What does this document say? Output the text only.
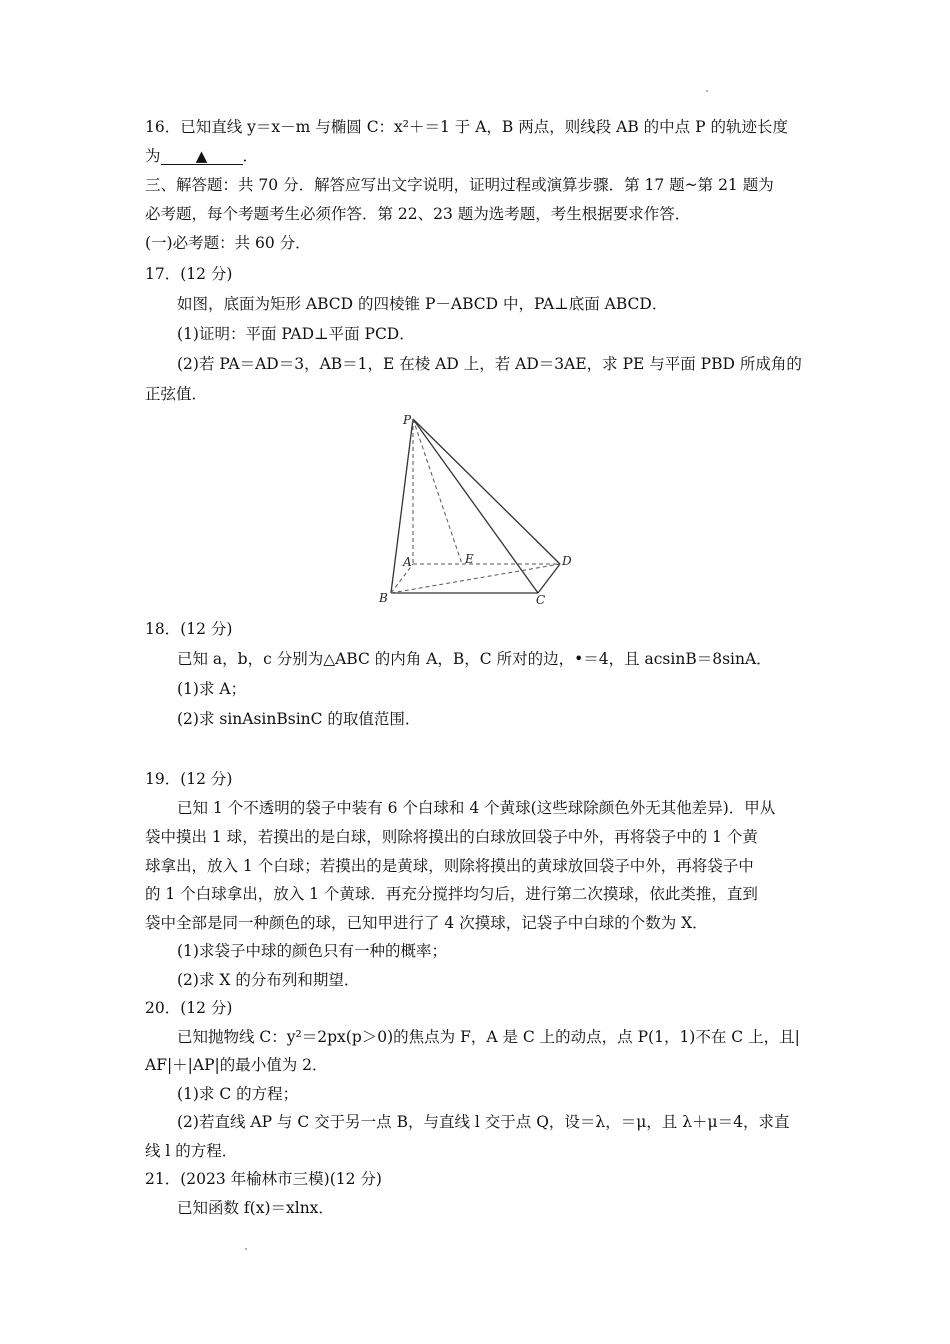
16．已知直线 y＝x－m 与椭圆 C：x²＋＝1 于 A，B 两点，则线段 AB 的中点 P 的轨迹长度
为 ▲ ．
三、解答题：共 70 分．解答应写出文字说明，证明过程或演算步骤．第 17 题~第 21 题为
必考题，每个考题考生必须作答．第 22、23 题为选考题，考生根据要求作答．
(一)必考题：共 60 分．
17．(12 分)
如图，底面为矩形 ABCD 的四棱锥 P－ABCD 中，PA⊥底面 ABCD．
(1)证明：平面 PAD⊥平面 PCD．
(2)若 PA＝AD＝3，AB＝1，E 在棱 AD 上，若 AD＝3AE，求 PE 与平面 PBD 所成角的
正弦值．
P
A	E	D
B	C
18．(12 分)
已知 a，b，c 分别为△ABC 的内角 A，B，C 所对的边，•＝4，且 acsinB＝8sinA．
(1)求 A；
(2)求 sinAsinBsinC 的取值范围．
19．(12 分)
已知 1 个不透明的袋子中装有 6 个白球和 4 个黄球(这些球除颜色外无其他差异)．甲从
袋中摸出 1 球，若摸出的是白球，则除将摸出的白球放回袋子中外，再将袋子中的 1 个黄
球拿出，放入 1 个白球；若摸出的是黄球，则除将摸出的黄球放回袋子中外，再将袋子中
的 1 个白球拿出，放入 1 个黄球．再充分搅拌均匀后，进行第二次摸球，依此类推，直到
袋中全部是同一种颜色的球，已知甲进行了 4 次摸球，记袋子中白球的个数为 X．
(1)求袋子中球的颜色只有一种的概率；
(2)求 X 的分布列和期望．
20．(12 分)
已知抛物线 C：y²＝2px(p＞0)的焦点为 F，A 是 C 上的动点，点 P(1，1)不在 C 上，且|
AF|＋|AP|的最小值为 2．
(1)求 C 的方程；
(2)若直线 AP 与 C 交于另一点 B，与直线 l 交于点 Q，设＝λ，＝μ，且 λ＋μ＝4，求直
线 l 的方程．
21．(2023 年榆林市三模)(12 分)
已知函数 f(x)＝xlnx．
